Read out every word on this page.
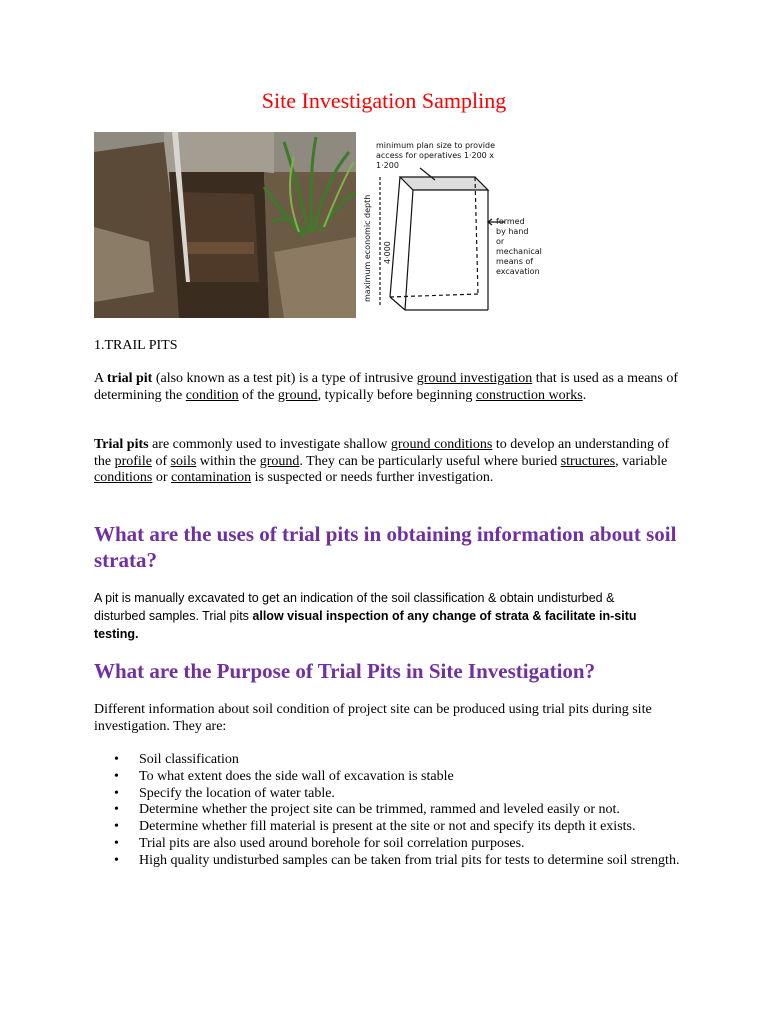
Site Investigation Sampling
minimum plan size to provide
access for operatives 1·200 x
1·200
formed
by hand
or
mechanical
means of
excavation
maximum economic depth 4·000
1.TRAIL PITS
A trial pit (also known as a test pit) is a type of intrusive ground investigation that is used as a means of determining the condition of the ground, typically before beginning construction works.
Trial pits are commonly used to investigate shallow ground conditions to develop an understanding of the profile of soils within the ground. They can be particularly useful where buried structures, variable conditions or contamination is suspected or needs further investigation.
What are the uses of trial pits in obtaining information about soil strata?
A pit is manually excavated to get an indication of the soil classification & obtain undisturbed & disturbed samples. Trial pits allow visual inspection of any change of strata & facilitate in-situ testing.
What are the Purpose of Trial Pits in Site Investigation?
Different information about soil condition of project site can be produced using trial pits during site investigation. They are:
• Soil classification
• To what extent does the side wall of excavation is stable
• Specify the location of water table.
• Determine whether the project site can be trimmed, rammed and leveled easily or not.
• Determine whether fill material is present at the site or not and specify its depth it exists.
• Trial pits are also used around borehole for soil correlation purposes.
• High quality undisturbed samples can be taken from trial pits for tests to determine soil strength.
